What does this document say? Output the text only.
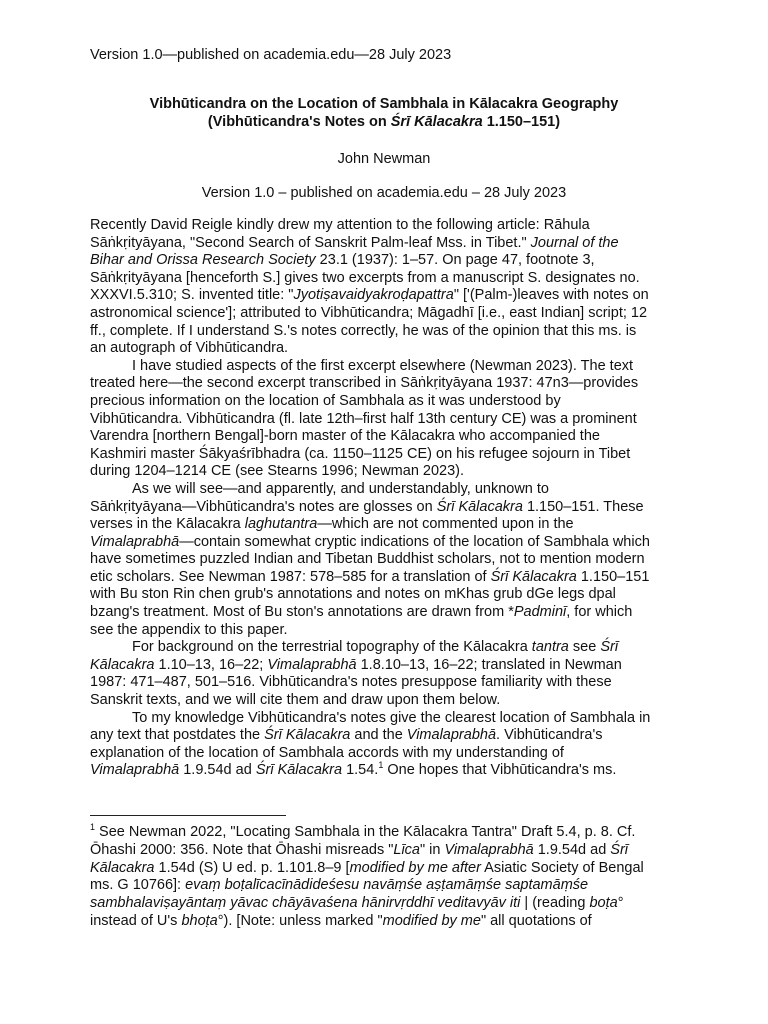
Version 1.0—published on academia.edu—28 July 2023
Vibhūticandra on the Location of Sambhala in Kālacakra Geography
(Vibhūticandra's Notes on Śrī Kālacakra 1.150–151)
John Newman
Version 1.0 – published on academia.edu – 28 July 2023
Recently David Reigle kindly drew my attention to the following article: Rāhula
Sāṅkṛityāyana, "Second Search of Sanskrit Palm-leaf Mss. in Tibet." Journal of the
Bihar and Orissa Research Society 23.1 (1937): 1–57. On page 47, footnote 3,
Sāṅkṛityāyana [henceforth S.] gives two excerpts from a manuscript S. designates no.
XXXVI.5.310; S. invented title: "Jyotiṣavaidyakroḍapattra" ['(Palm-)leaves with notes on
astronomical science']; attributed to Vibhūticandra; Māgadhī [i.e., east Indian] script; 12
ff., complete. If I understand S.'s notes correctly, he was of the opinion that this ms. is
an autograph of Vibhūticandra.
I have studied aspects of the first excerpt elsewhere (Newman 2023). The text
treated here—the second excerpt transcribed in Sāṅkṛityāyana 1937: 47n3—provides
precious information on the location of Sambhala as it was understood by
Vibhūticandra. Vibhūticandra (fl. late 12th–first half 13th century CE) was a prominent
Varendra [northern Bengal]-born master of the Kālacakra who accompanied the
Kashmiri master Śākyaśrībhadra (ca. 1150–1125 CE) on his refugee sojourn in Tibet
during 1204–1214 CE (see Stearns 1996; Newman 2023).
As we will see—and apparently, and understandably, unknown to
Sāṅkṛityāyana—Vibhūticandra's notes are glosses on Śrī Kālacakra 1.150–151. These
verses in the Kālacakra laghutantra—which are not commented upon in the
Vimalaprabhā—contain somewhat cryptic indications of the location of Sambhala which
have sometimes puzzled Indian and Tibetan Buddhist scholars, not to mention modern
etic scholars. See Newman 1987: 578–585 for a translation of Śrī Kālacakra 1.150–151
with Bu ston Rin chen grub's annotations and notes on mKhas grub dGe legs dpal
bzang's treatment. Most of Bu ston's annotations are drawn from *Padminī, for which
see the appendix to this paper.
For background on the terrestrial topography of the Kālacakra tantra see Śrī
Kālacakra 1.10–13, 16–22; Vimalaprabhā 1.8.10–13, 16–22; translated in Newman
1987: 471–487, 501–516. Vibhūticandra's notes presuppose familiarity with these
Sanskrit texts, and we will cite them and draw upon them below.
To my knowledge Vibhūticandra's notes give the clearest location of Sambhala in
any text that postdates the Śrī Kālacakra and the Vimalaprabhā. Vibhūticandra's
explanation of the location of Sambhala accords with my understanding of
Vimalaprabhā 1.9.54d ad Śrī Kālacakra 1.54.$^1$ One hopes that Vibhūticandra's ms.
$^1$ See Newman 2022, "Locating Sambhala in the Kālacakra Tantra" Draft 5.4, p. 8. Cf.
Ōhashi 2000: 356. Note that Ōhashi misreads "Līca" in Vimalaprabhā 1.9.54d ad Śrī
Kālacakra 1.54d (S) U ed. p. 1.101.8–9 [modified by me after Asiatic Society of Bengal
ms. G 10766]: evaṃ boṭalīcacīnādideśesu navāṃśe aṣṭamāṃśe saptamāṃśe
sambhalaviṣayāntaṃ yāvac chāyāvaśena hānirvṛddhī veditavyāv iti | (reading boṭa°
instead of U's bhoṭa°). [Note: unless marked "modified by me" all quotations of
